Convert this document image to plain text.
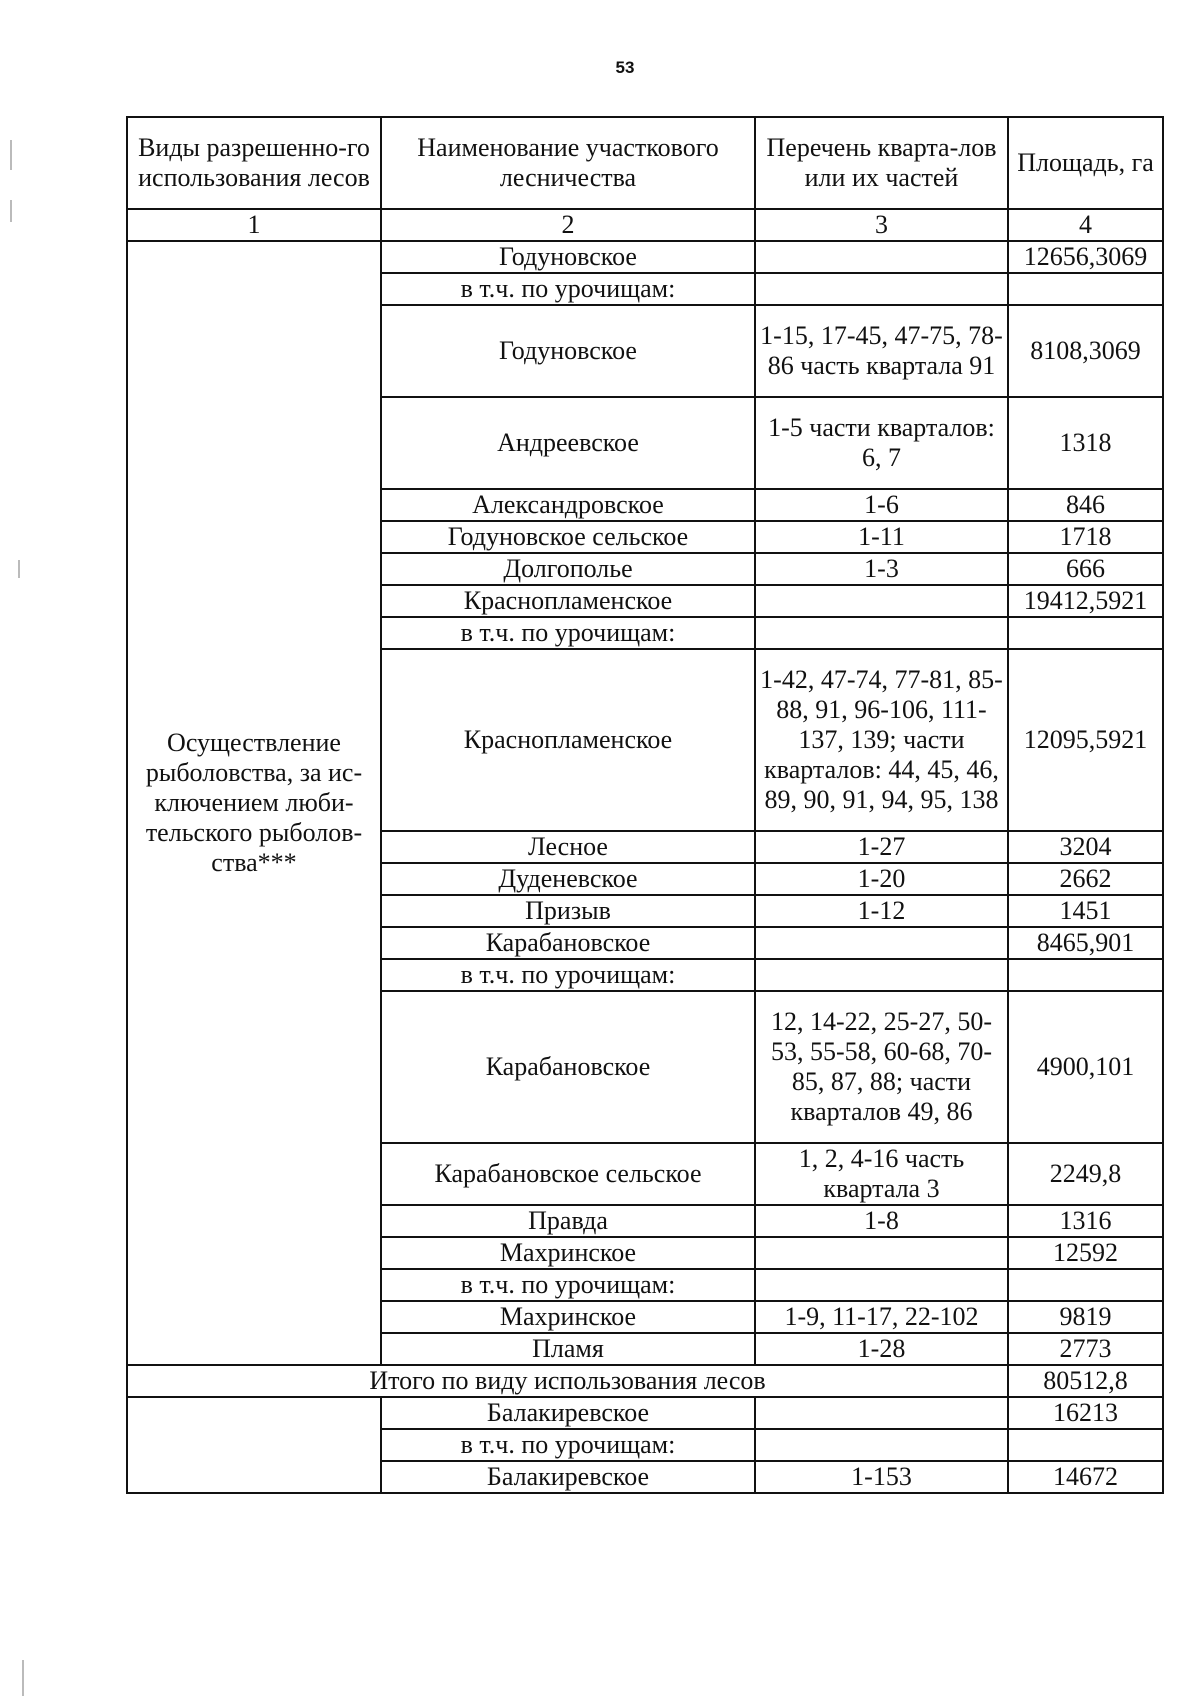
53
Виды разрешенно-го использования лесов	Наименование участкового лесничества	Перечень кварта-лов или их частей	Площадь, га
1	2	3	4
Осуществление рыболовства, за ис-ключением люби-тельского рыболов-ства***	Годуновское		12656,3069
	в т.ч. по урочищам:		
	Годуновское	1-15, 17-45, 47-75, 78-86 часть квартала 91	8108,3069
	Андреевское	1-5 части кварталов: 6, 7	1318
	Александровское	1-6	846
	Годуновское сельское	1-11	1718
	Долгополье	1-3	666
	Краснопламенское		19412,5921
	в т.ч. по урочищам:		
	Краснопламенское	1-42, 47-74, 77-81, 85-88, 91, 96-106, 111-137, 139; части кварталов: 44, 45, 46, 89, 90, 91, 94, 95, 138	12095,5921
	Лесное	1-27	3204
	Дуденевское	1-20	2662
	Призыв	1-12	1451
	Карабановское		8465,901
	в т.ч. по урочищам:		
	Карабановское	12, 14-22, 25-27, 50-53, 55-58, 60-68, 70-85, 87, 88; части кварталов 49, 86	4900,101
	Карабановское сельское	1, 2, 4-16 часть квартала 3	2249,8
	Правда	1-8	1316
	Махринское		12592
	в т.ч. по урочищам:		
	Махринское	1-9, 11-17, 22-102	9819
	Пламя	1-28	2773
Итого по виду использования лесов			80512,8
	Балакиревское		16213
	в т.ч. по урочищам:		
	Балакиревское	1-153	14672
